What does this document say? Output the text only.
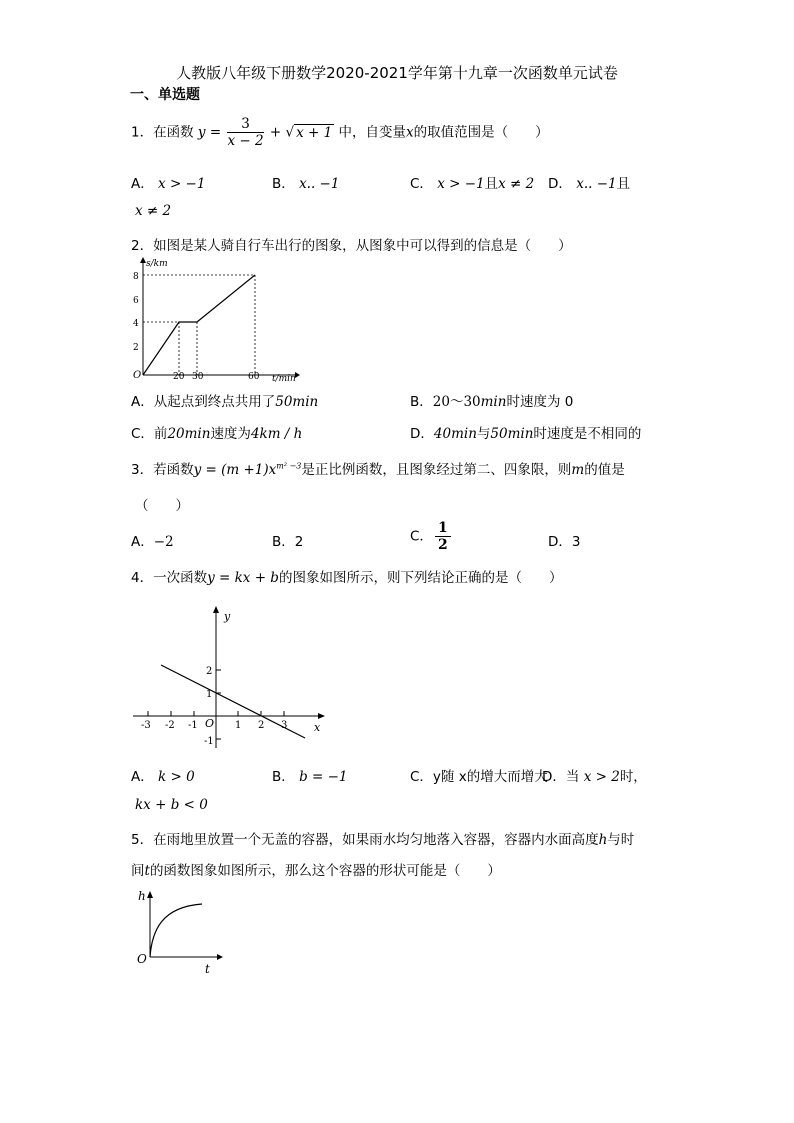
人教版八年级下册数学2020-2021学年第十九章一次函数单元试卷
一、单选题
1．在函数 $y = \frac{3}{x - 2}$ + √ x + 1 中，自变量x的取值范围是（　　）
A． x > −1	B． x.. −1	C． x > −1且x ≠ 2 D． x.. −1且
x ≠ 2
2．如图是某人骑自行车出行的图象，从图象中可以得到的信息是（　　）
s/km
t/min
O
8
6
4
2
20 30	60
A．从起点到终点共用了50min	B．20～30min时速度为 0
C．前20min速度为4km / h	D．40min与50min时速度是不相同的
3．若函数$y = (m +1)x^{m^2 -3}$是正比例函数，且图象经过第二、四象限，则m的值是
（　　）
A．−2	B．2	C． $\frac{1}{2}$	D．3
4．一次函数y = kx + b的图象如图所示，则下列结论正确的是（　　）
y
x
O
-3 -2 -1	1 2 3
2
1
-1
A． k > 0	B． b = −1	C．y随 x的增大而增大
D．当 x > 2时，
kx + b < 0
5．在雨地里放置一个无盖的容器，如果雨水均匀地落入容器，容器内水面高度h与时
间t的函数图象如图所示，那么这个容器的形状可能是（　　）
h
t
O
